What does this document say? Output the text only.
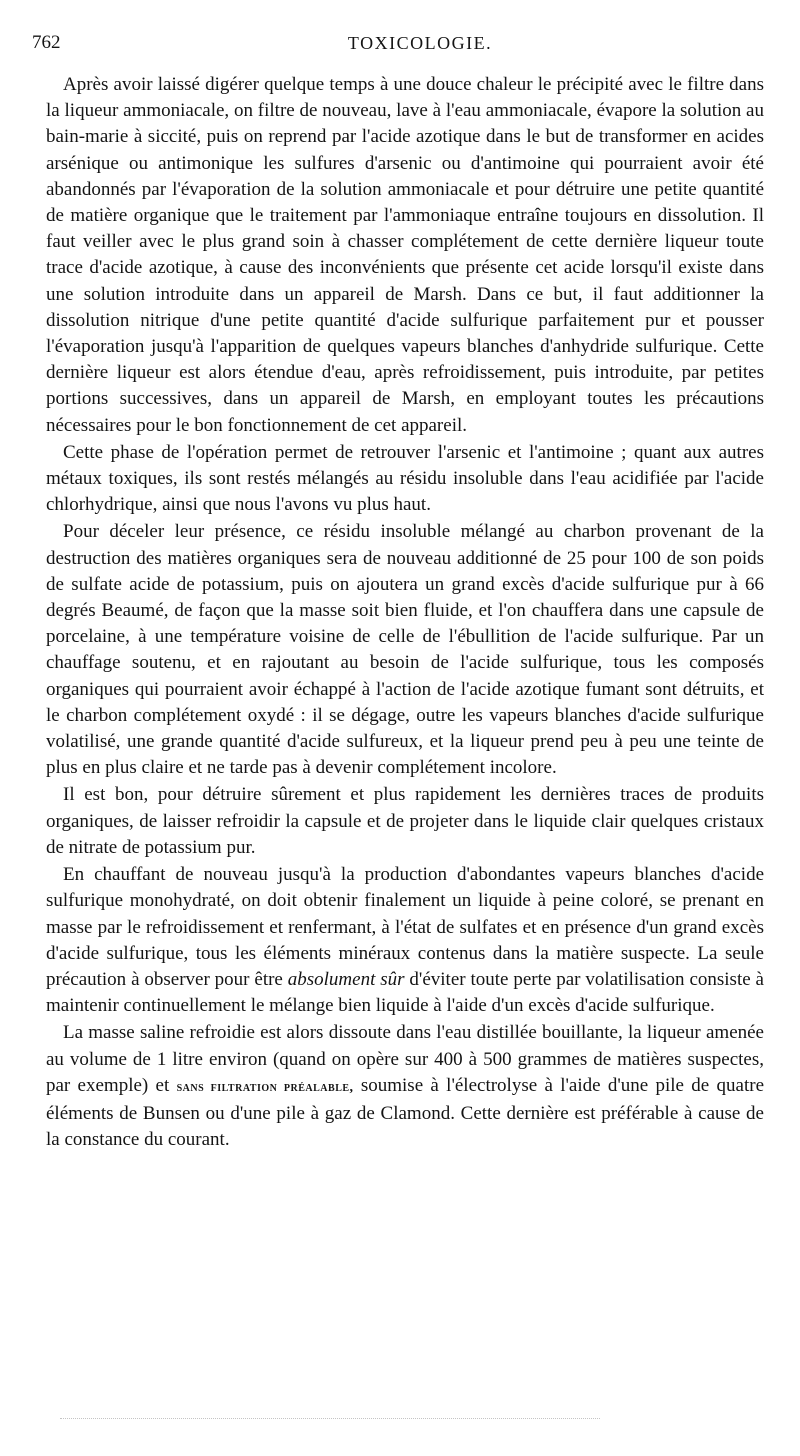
762	TOXICOLOGIE.

Après avoir laissé digérer quelque temps à une douce chaleur le précipité avec le filtre dans la liqueur ammoniacale, on filtre de nouveau, lave à l'eau ammoniacale, évapore la solution au bain-marie à siccité, puis on reprend par l'acide azotique dans le but de transformer en acides arsénique ou antimonique les sulfures d'arsenic ou d'antimoine qui pourraient avoir été abandonnés par l'évaporation de la solution ammoniacale et pour détruire une petite quantité de matière organique que le traitement par l'ammoniaque entraîne toujours en dissolution. Il faut veiller avec le plus grand soin à chasser complétement de cette dernière liqueur toute trace d'acide azotique, à cause des inconvénients que présente cet acide lorsqu'il existe dans une solution introduite dans un appareil de Marsh. Dans ce but, il faut additionner la dissolution nitrique d'une petite quantité d'acide sulfurique parfaitement pur et pousser l'évaporation jusqu'à l'apparition de quelques vapeurs blanches d'anhydride sulfurique. Cette dernière liqueur est alors étendue d'eau, après refroidissement, puis introduite, par petites portions successives, dans un appareil de Marsh, en employant toutes les précautions nécessaires pour le bon fonctionnement de cet appareil.

Cette phase de l'opération permet de retrouver l'arsenic et l'antimoine ; quant aux autres métaux toxiques, ils sont restés mélangés au résidu insoluble dans l'eau acidifiée par l'acide chlorhydrique, ainsi que nous l'avons vu plus haut.

Pour déceler leur présence, ce résidu insoluble mélangé au charbon provenant de la destruction des matières organiques sera de nouveau additionné de 25 pour 100 de son poids de sulfate acide de potassium, puis on ajoutera un grand excès d'acide sulfurique pur à 66 degrés Beaumé, de façon que la masse soit bien fluide, et l'on chauffera dans une capsule de porcelaine, à une température voisine de celle de l'ébullition de l'acide sulfurique. Par un chauffage soutenu, et en rajoutant au besoin de l'acide sulfurique, tous les composés organiques qui pourraient avoir échappé à l'action de l'acide azotique fumant sont détruits, et le charbon complétement oxydé : il se dégage, outre les vapeurs blanches d'acide sulfurique volatilisé, une grande quantité d'acide sulfureux, et la liqueur prend peu à peu une teinte de plus en plus claire et ne tarde pas à devenir complétement incolore.

Il est bon, pour détruire sûrement et plus rapidement les dernières traces de produits organiques, de laisser refroidir la capsule et de projeter dans le liquide clair quelques cristaux de nitrate de potassium pur.

En chauffant de nouveau jusqu'à la production d'abondantes vapeurs blanches d'acide sulfurique monohydraté, on doit obtenir finalement un liquide à peine coloré, se prenant en masse par le refroidissement et renfermant, à l'état de sulfates et en présence d'un grand excès d'acide sulfurique, tous les éléments minéraux contenus dans la matière suspecte. La seule précaution à observer pour être absolument sûr d'éviter toute perte par volatilisation consiste à maintenir continuellement le mélange bien liquide à l'aide d'un excès d'acide sulfurique.

La masse saline refroidie est alors dissoute dans l'eau distillée bouillante, la liqueur amenée au volume de 1 litre environ (quand on opère sur 400 à 500 grammes de matières suspectes, par exemple) et sans filtration préalable, soumise à l'électrolyse à l'aide d'une pile de quatre éléments de Bunsen ou d'une pile à gaz de Clamond. Cette dernière est préférable à cause de la constance du courant.
